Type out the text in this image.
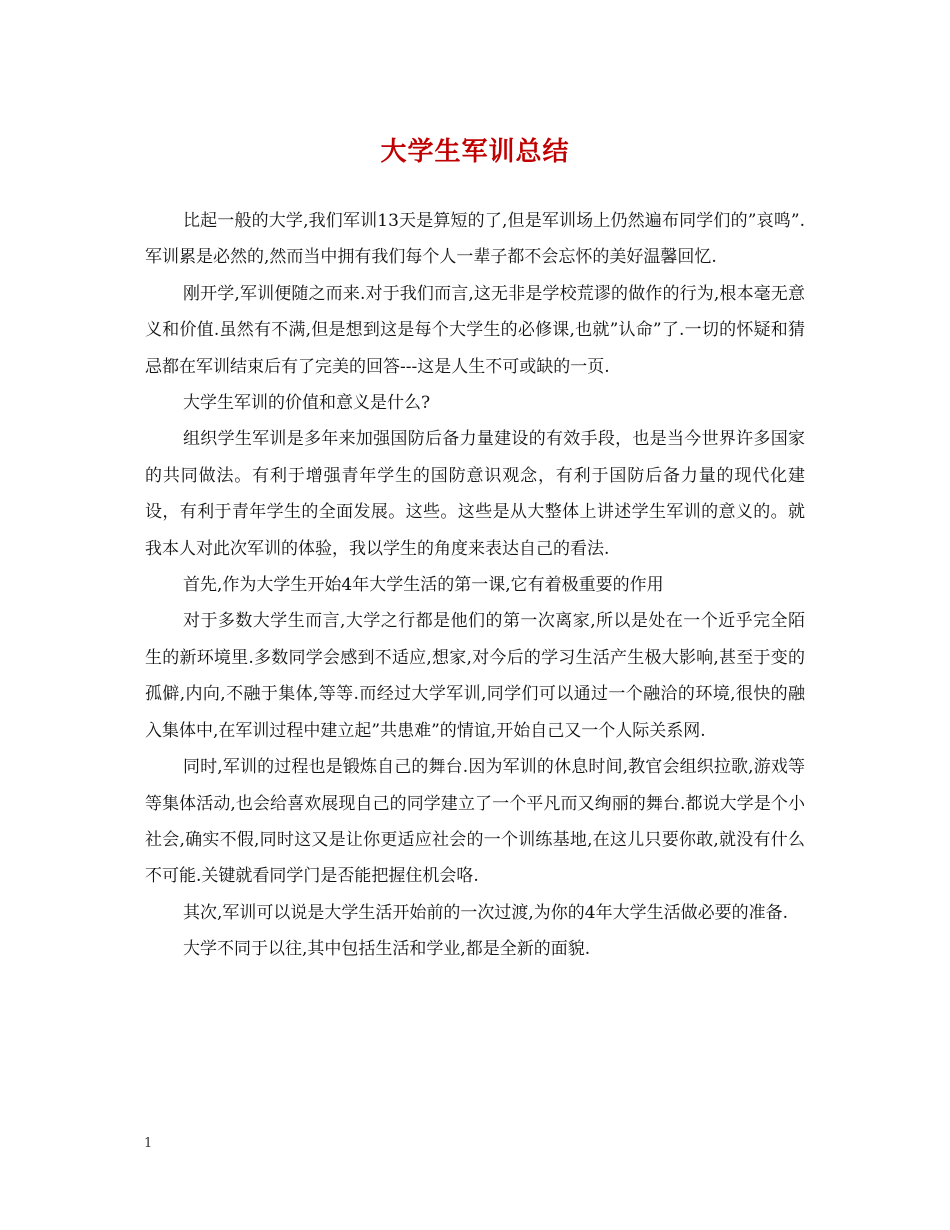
大学生军训总结

比起一般的大学,我们军训13天是算短的了,但是军训场上仍然遍布同学们的”哀鸣”.军训累是必然的,然而当中拥有我们每个人一辈子都不会忘怀的美好温馨回忆.

刚开学,军训便随之而来.对于我们而言,这无非是学校荒谬的做作的行为,根本毫无意义和价值.虽然有不满,但是想到这是每个大学生的必修课,也就”认命”了.一切的怀疑和猜忌都在军训结束后有了完美的回答---这是人生不可或缺的一页.

大学生军训的价值和意义是什么?

组织学生军训是多年来加强国防后备力量建设的有效手段，也是当今世界许多国家的共同做法。有利于增强青年学生的国防意识观念，有利于国防后备力量的现代化建设，有利于青年学生的全面发展。这些。这些是从大整体上讲述学生军训的意义的。就我本人对此次军训的体验，我以学生的角度来表达自己的看法.

首先,作为大学生开始4年大学生活的第一课,它有着极重要的作用

对于多数大学生而言,大学之行都是他们的第一次离家,所以是处在一个近乎完全陌生的新环境里.多数同学会感到不适应,想家,对今后的学习生活产生极大影响,甚至于变的孤僻,内向,不融于集体,等等.而经过大学军训,同学们可以通过一个融洽的环境,很快的融入集体中,在军训过程中建立起”共患难”的情谊,开始自己又一个人际关系网.

同时,军训的过程也是锻炼自己的舞台.因为军训的休息时间,教官会组织拉歌,游戏等等集体活动,也会给喜欢展现自己的同学建立了一个平凡而又绚丽的舞台.都说大学是个小社会,确实不假,同时这又是让你更适应社会的一个训练基地,在这儿只要你敢,就没有什么不可能.关键就看同学门是否能把握住机会咯.

其次,军训可以说是大学生活开始前的一次过渡,为你的4年大学生活做必要的准备.

大学不同于以往,其中包括生活和学业,都是全新的面貌.

1
